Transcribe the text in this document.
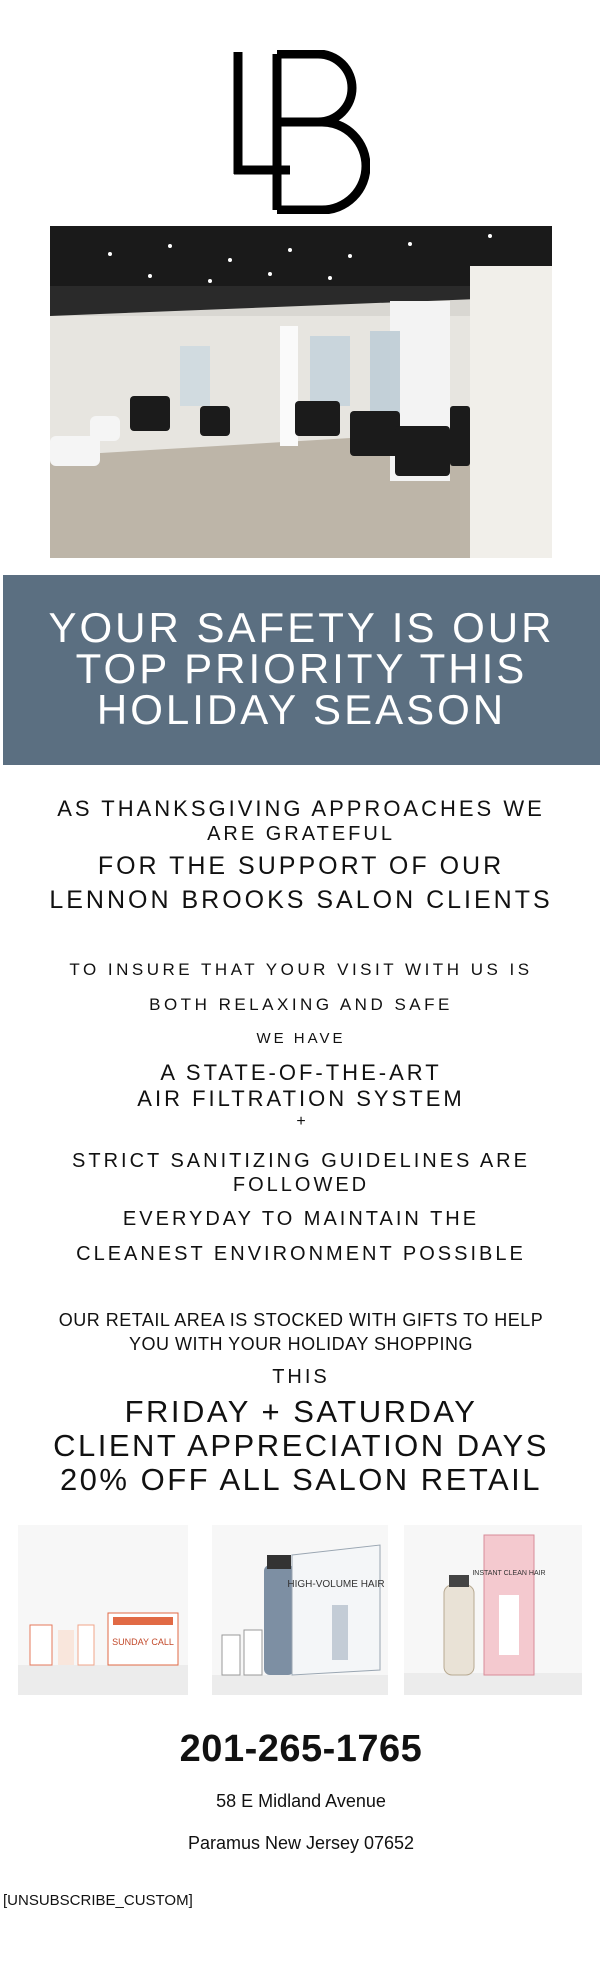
YOUR SAFETY IS OUR
TOP PRIORITY THIS
HOLIDAY SEASON
AS THANKSGIVING APPROACHES WE
ARE GRATEFUL
FOR THE SUPPORT OF OUR
LENNON BROOKS SALON CLIENTS
TO INSURE THAT YOUR VISIT WITH US IS
BOTH RELAXING AND SAFE
WE HAVE
A STATE-OF-THE-ART
AIR FILTRATION SYSTEM
+
STRICT SANITIZING GUIDELINES ARE
FOLLOWED
EVERYDAY TO MAINTAIN THE
CLEANEST ENVIRONMENT POSSIBLE
OUR RETAIL AREA IS STOCKED WITH GIFTS TO HELP
YOU WITH YOUR HOLIDAY SHOPPING
THIS
FRIDAY + SATURDAY
CLIENT APPRECIATION DAYS
20% OFF ALL SALON RETAIL
SUNDAY CALL
HIGH-VOLUME HAIR
INSTANT CLEAN HAIR
201-265-1765
58 E Midland Avenue
Paramus New Jersey 07652
[UNSUBSCRIBE_CUSTOM]
